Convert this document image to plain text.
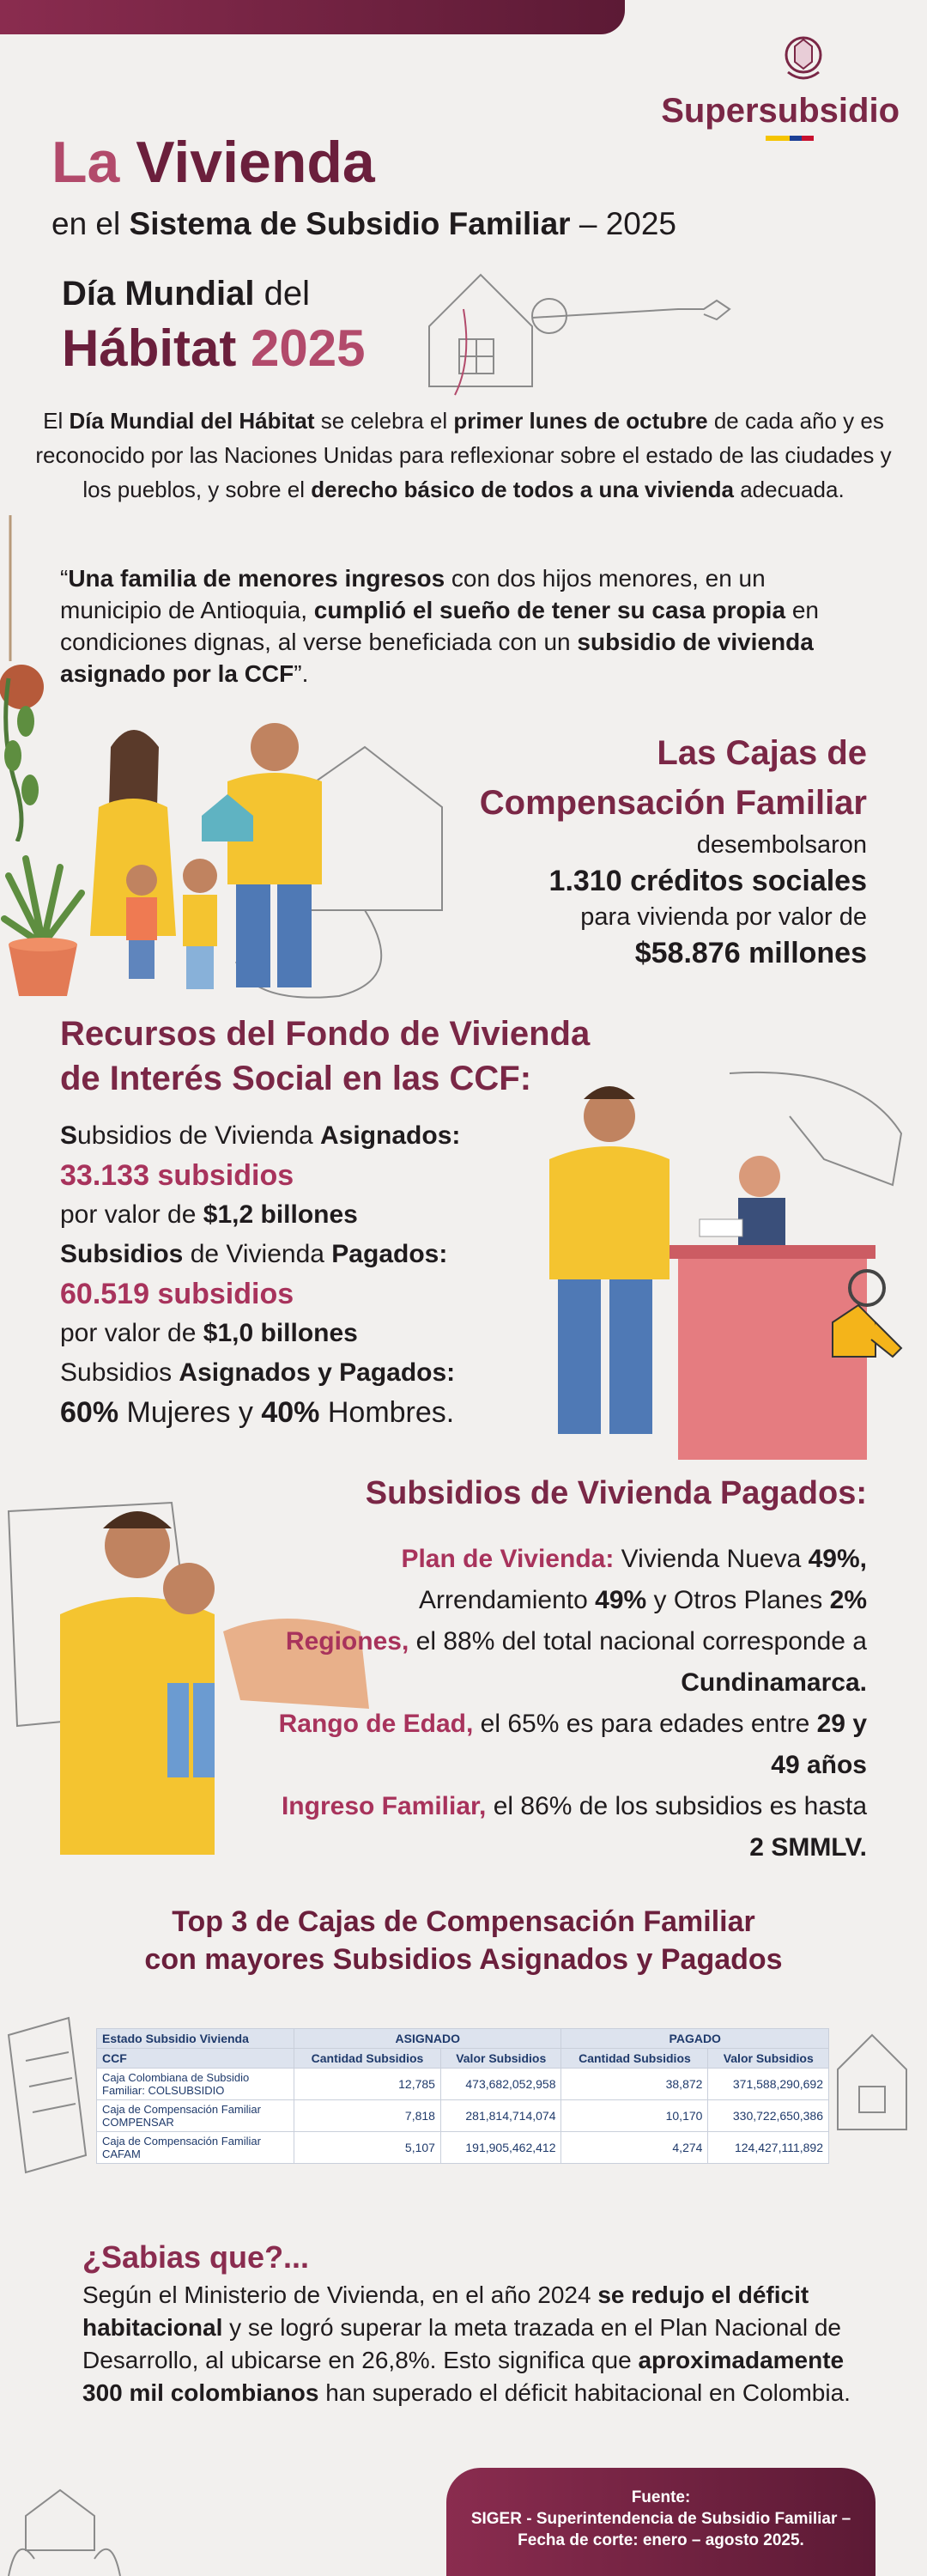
Supersubsidio
La Vivienda
en el Sistema de Subsidio Familiar – 2025
Día Mundial del
Hábitat 2025
El Día Mundial del Hábitat se celebra el primer lunes de octubre de cada año y es reconocido por las Naciones Unidas para reflexionar sobre el estado de las ciudades y los pueblos, y sobre el derecho básico de todos a una vivienda adecuada.
“Una familia de menores ingresos con dos hijos menores, en un municipio de Antioquia, cumplió el sueño de tener su casa propia en condiciones dignas, al verse beneficiada con un subsidio de vivienda asignado por la CCF”.
Las Cajas de
Compensación Familiar
desembolsaron
1.310 créditos sociales
para vivienda por valor de
$58.876 millones
Recursos del Fondo de Vivienda
de Interés Social en las CCF:
Subsidios de Vivienda Asignados:
33.133 subsidios
por valor de $1,2 billones
Subsidios de Vivienda Pagados:
60.519 subsidios
por valor de $1,0 billones
Subsidios Asignados y Pagados:
60% Mujeres y 40% Hombres.
Subsidios de Vivienda Pagados:
Plan de Vivienda: Vivienda Nueva 49%,
Arrendamiento 49% y Otros Planes 2%
Regiones, el 88% del total nacional corresponde a Cundinamarca.
Rango de Edad, el 65% es para edades entre 29 y 49 años
Ingreso Familiar, el 86% de los subsidios es hasta 2 SMMLV.
Top 3 de Cajas de Compensación Familiar
con mayores Subsidios Asignados y Pagados
Estado Subsidio Vivienda	ASIGNADO		PAGADO	
CCF	Cantidad Subsidios	Valor Subsidios	Cantidad Subsidios	Valor Subsidios
Caja Colombiana de Subsidio Familiar: COLSUBSIDIO	12,785	473,682,052,958	38,872	371,588,290,692
Caja de Compensación Familiar COMPENSAR	7,818	281,814,714,074	10,170	330,722,650,386
Caja de Compensación Familiar CAFAM	5,107	191,905,462,412	4,274	124,427,111,892
¿Sabias que?...
Según el Ministerio de Vivienda, en el año 2024 se redujo el déficit habitacional y se logró superar la meta trazada en el Plan Nacional de Desarrollo, al ubicarse en 26,8%. Esto significa que aproximadamente 300 mil colombianos han superado el déficit habitacional en Colombia.
Fuente:
SIGER - Superintendencia de Subsidio Familiar – Fecha de corte: enero – agosto 2025.
